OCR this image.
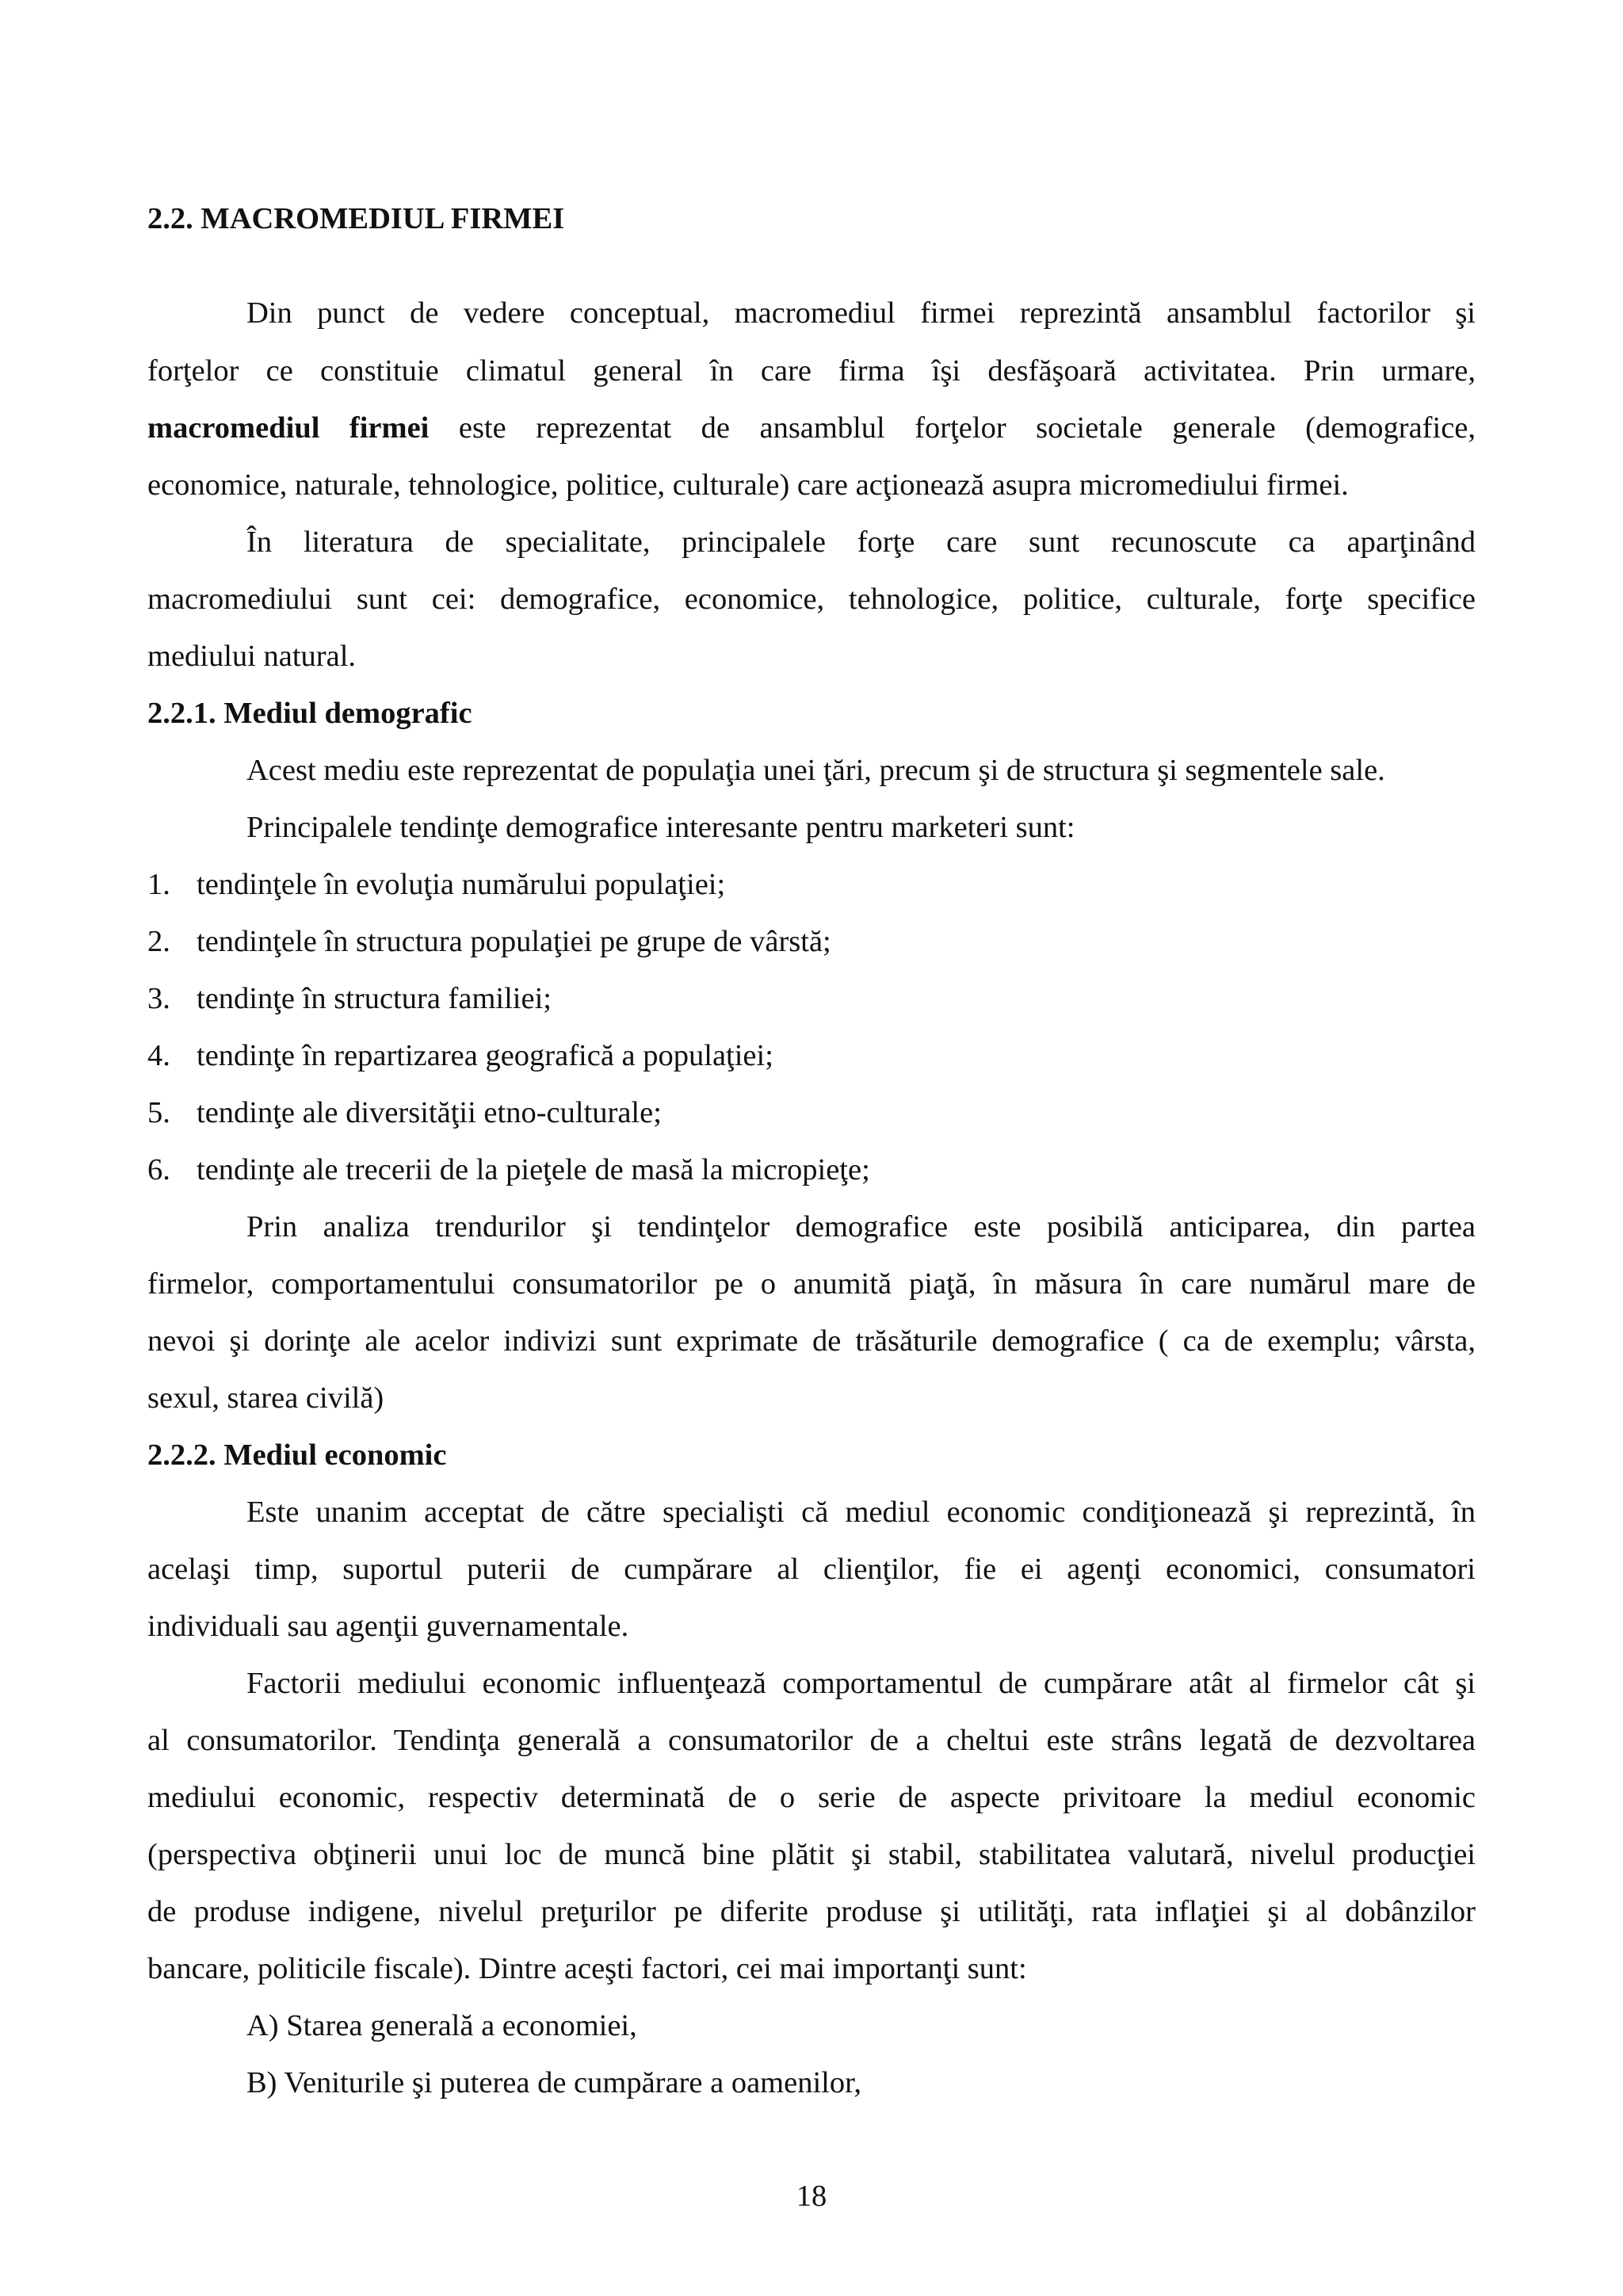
2.2. MACROMEDIUL FIRMEI
Din punct de vedere conceptual, macromediul firmei reprezintă ansamblul factorilor şi
forţelor ce constituie climatul general în care firma îşi desfăşoară activitatea. Prin urmare,
macromediul firmei este reprezentat de ansamblul forţelor societale generale (demografice,
economice, naturale, tehnologice, politice, culturale) care acţionează asupra micromediului firmei.
În literatura de specialitate, principalele forţe care sunt recunoscute ca aparţinând
macromediului sunt cei: demografice, economice, tehnologice, politice, culturale, forţe specifice
mediului natural.
2.2.1. Mediul demografic
Acest mediu este reprezentat de populaţia unei ţări, precum şi de structura şi segmentele sale.
Principalele tendinţe demografice interesante pentru marketeri sunt:
1. tendinţele în evoluţia numărului populaţiei;
2. tendinţele în structura populaţiei pe grupe de vârstă;
3. tendinţe în structura familiei;
4. tendinţe în repartizarea geografică a populaţiei;
5. tendinţe ale diversităţii etno-culturale;
6. tendinţe ale trecerii de la pieţele de masă la micropieţe;
Prin analiza trendurilor şi tendinţelor demografice este posibilă anticiparea, din partea
firmelor, comportamentului consumatorilor pe o anumită piaţă, în măsura în care numărul mare de
nevoi şi dorinţe ale acelor indivizi sunt exprimate de trăsăturile demografice ( ca de exemplu; vârsta,
sexul, starea civilă)
2.2.2. Mediul economic
Este unanim acceptat de către specialişti că mediul economic condiţionează şi reprezintă, în
acelaşi timp, suportul puterii de cumpărare al clienţilor, fie ei agenţi economici, consumatori
individuali sau agenţii guvernamentale.
Factorii mediului economic influenţează comportamentul de cumpărare atât al firmelor cât şi
al consumatorilor. Tendinţa generală a consumatorilor de a cheltui este strâns legată de dezvoltarea
mediului economic, respectiv determinată de o serie de aspecte privitoare la mediul economic
(perspectiva obţinerii unui loc de muncă bine plătit şi stabil, stabilitatea valutară, nivelul producţiei
de produse indigene, nivelul preţurilor pe diferite produse şi utilităţi, rata inflaţiei şi al dobânzilor
bancare, politicile fiscale). Dintre aceşti factori, cei mai importanţi sunt:
A) Starea generală a economiei,
B) Veniturile şi puterea de cumpărare a oamenilor,
18
